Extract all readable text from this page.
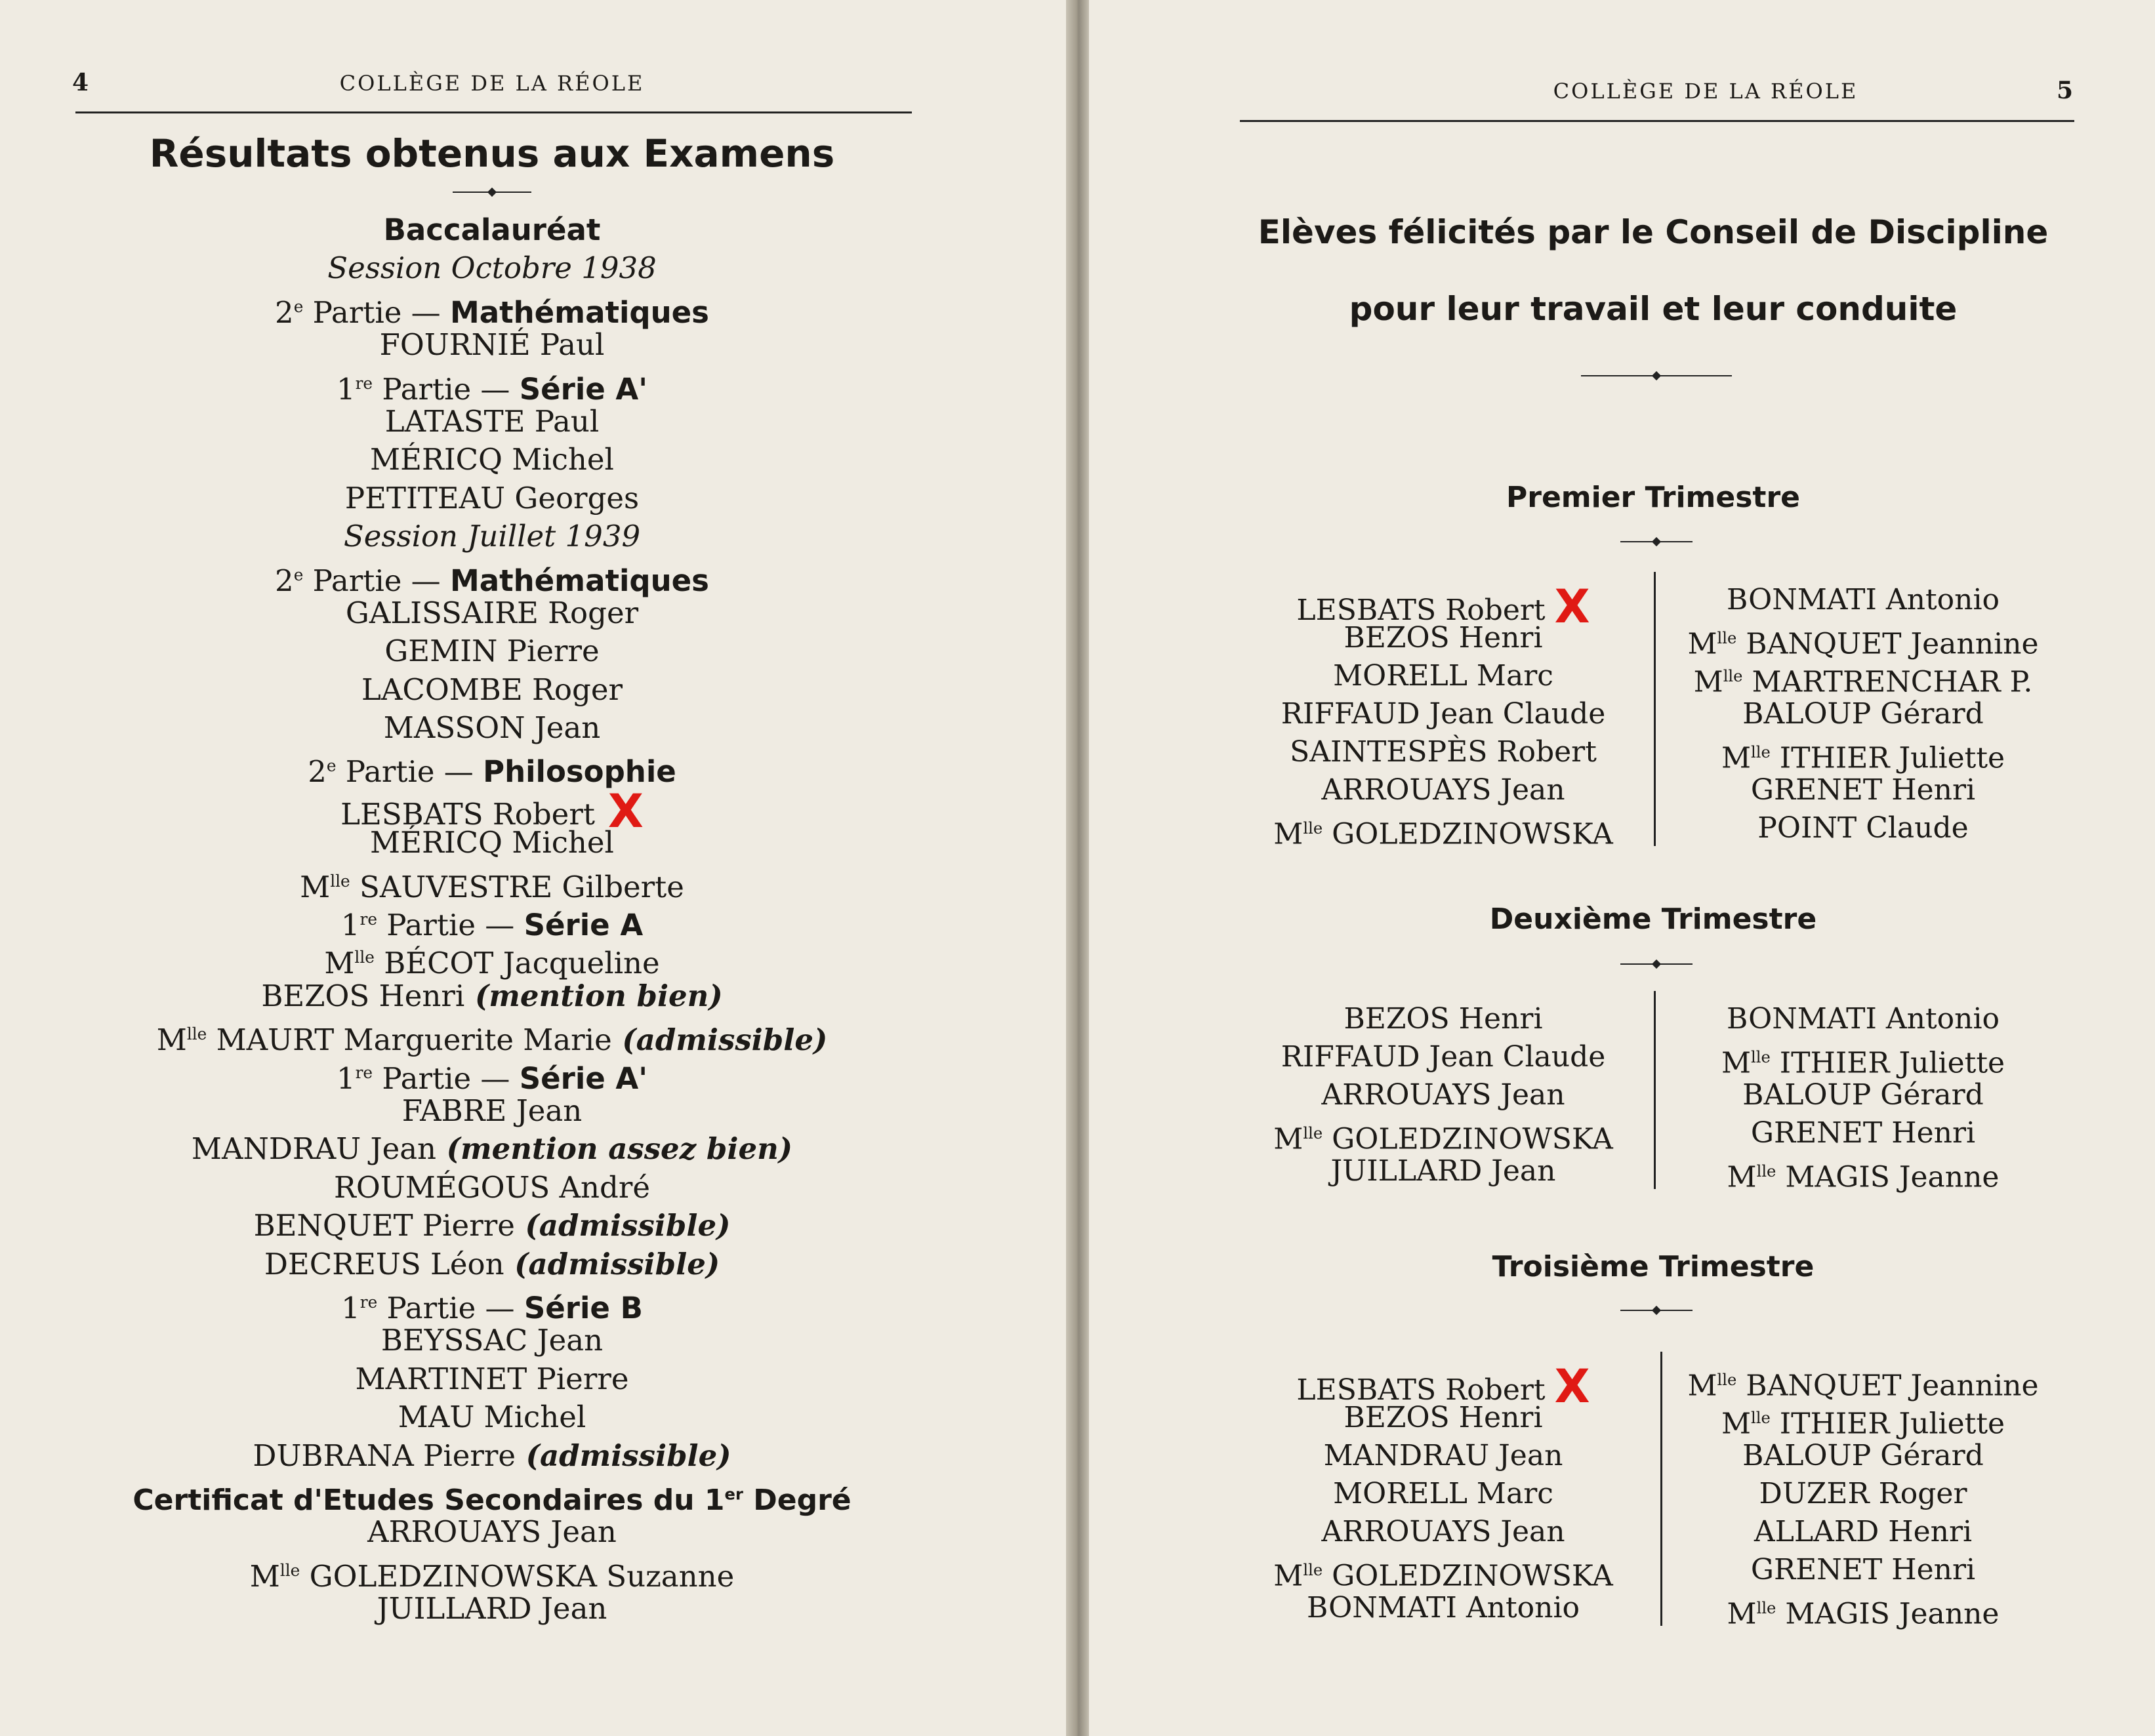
4	COLLÈGE DE LA RÉOLE
Résultats obtenus aux Examens
Baccalauréat
Session Octobre 1938
2e Partie — Mathématiques
FOURNIÉ Paul
1re Partie — Série A'
LATASTE Paul
MÉRICQ Michel
PETITEAU Georges
Session Juillet 1939
2e Partie — Mathématiques
GALISSAIRE Roger
GEMIN Pierre
LACOMBE Roger
MASSON Jean
2e Partie — Philosophie
LESBATS Robert X
MÉRICQ Michel
$M^{lle}$ SAUVESTRE Gilberte
1re Partie — Série A
$M^{lle}$ BÉCOT Jacqueline
BEZOS Henri (mention bien)
$M^{lle}$ MAURT Marguerite Marie (admissible)
1re Partie — Série A'
FABRE Jean
MANDRAU Jean (mention assez bien)
ROUMÉGOUS André
BENQUET Pierre (admissible)
DECREUS Léon (admissible)
1re Partie — Série B
BEYSSAC Jean
MARTINET Pierre
MAU Michel
DUBRANA Pierre (admissible)
Certificat d'Etudes Secondaires du 1er Degré
ARROUAYS Jean
$M^{lle}$ GOLEDZINOWSKA Suzanne
JUILLARD Jean
COLLÈGE DE LA RÉOLE	5
Elèves félicités par le Conseil de Discipline
pour leur travail et leur conduite
Premier Trimestre
LESBATS Robert X
BEZOS Henri
MORELL Marc
RIFFAUD Jean Claude
SAINTESPÈS Robert
ARROUAYS Jean
$M^{lle}$ GOLEDZINOWSKA
BONMATI Antonio
$M^{lle}$ BANQUET Jeannine
$M^{lle}$ MARTRENCHAR P.
BALOUP Gérard
$M^{lle}$ ITHIER Juliette
GRENET Henri
POINT Claude
Deuxième Trimestre
BEZOS Henri
RIFFAUD Jean Claude
ARROUAYS Jean
$M^{lle}$ GOLEDZINOWSKA
JUILLARD Jean
BONMATI Antonio
$M^{lle}$ ITHIER Juliette
BALOUP Gérard
GRENET Henri
$M^{lle}$ MAGIS Jeanne
Troisième Trimestre
LESBATS Robert X
BEZOS Henri
MANDRAU Jean
MORELL Marc
ARROUAYS Jean
$M^{lle}$ GOLEDZINOWSKA
BONMATI Antonio
$M^{lle}$ BANQUET Jeannine
$M^{lle}$ ITHIER Juliette
BALOUP Gérard
DUZER Roger
ALLARD Henri
GRENET Henri
$M^{lle}$ MAGIS Jeanne
